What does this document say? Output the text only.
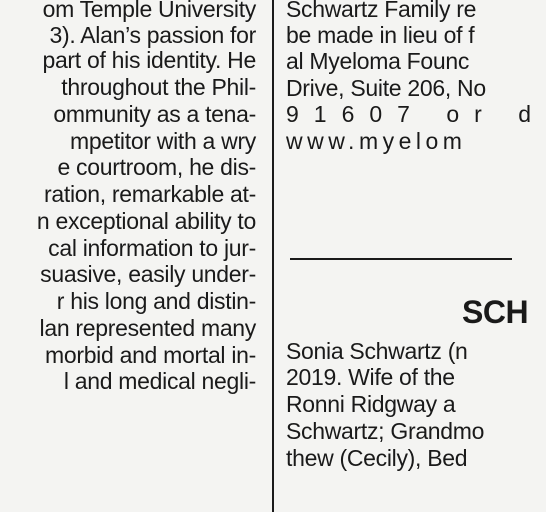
om Temple University
3). Alan’s passion for
part of his identity. He
throughout the Phil-
ommunity as a tena-
mpetitor with a wry
e courtroom, he dis-
ration, remarkable at-
n exceptional ability to
cal information to jur-
suasive, easily under-
r his long and distin-
lan represented many
morbid and mortal in-
l and medical negli-
Schwartz Family re
be made in lieu of f
al Myeloma Founc
Drive, Suite 206, No
91607 or d
www.myelom
Sonia Schwartz (n
2019. Wife of the
Ronni Ridgway a
Schwartz; Grandmo
thew (Cecily), Bed
SCH
